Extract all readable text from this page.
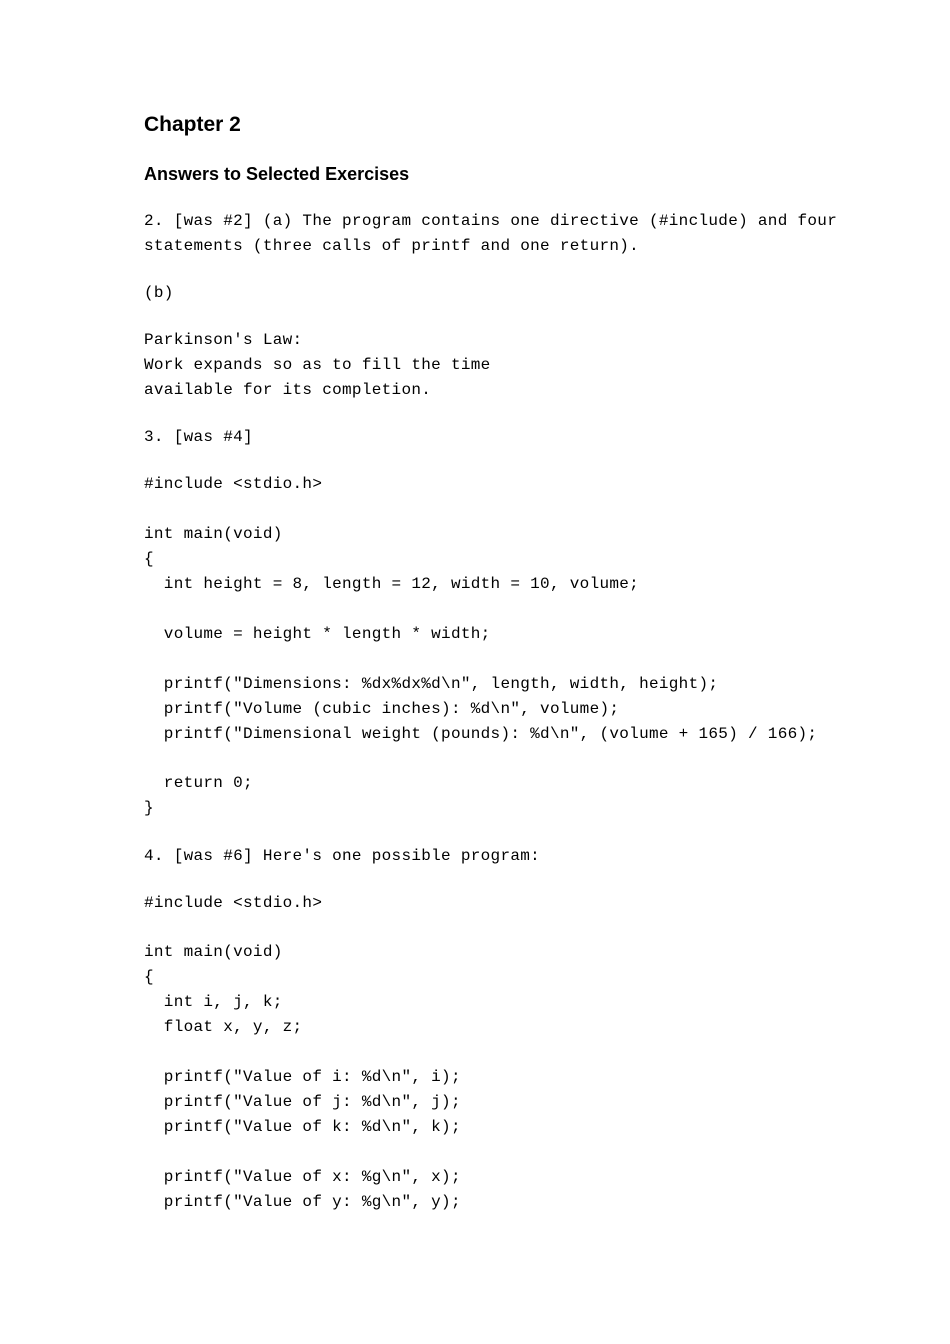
Chapter 2
Answers to Selected Exercises
2. [was #2] (a) The program contains one directive (#include) and four
statements (three calls of printf and one return).
(b)
Parkinson's Law:
Work expands so as to fill the time
available for its completion.
3. [was #4]
#include <stdio.h>
int main(void)
{
int height = 8, length = 12, width = 10, volume;
volume = height * length * width;
printf("Dimensions: %dx%dx%d\n", length, width, height);
printf("Volume (cubic inches): %d\n", volume);
printf("Dimensional weight (pounds): %d\n", (volume + 165) / 166);
return 0;
}
4. [was #6] Here's one possible program:
#include <stdio.h>
int main(void)
{
int i, j, k;
float x, y, z;
printf("Value of i: %d\n", i);
printf("Value of j: %d\n", j);
printf("Value of k: %d\n", k);
printf("Value of x: %g\n", x);
printf("Value of y: %g\n", y);
